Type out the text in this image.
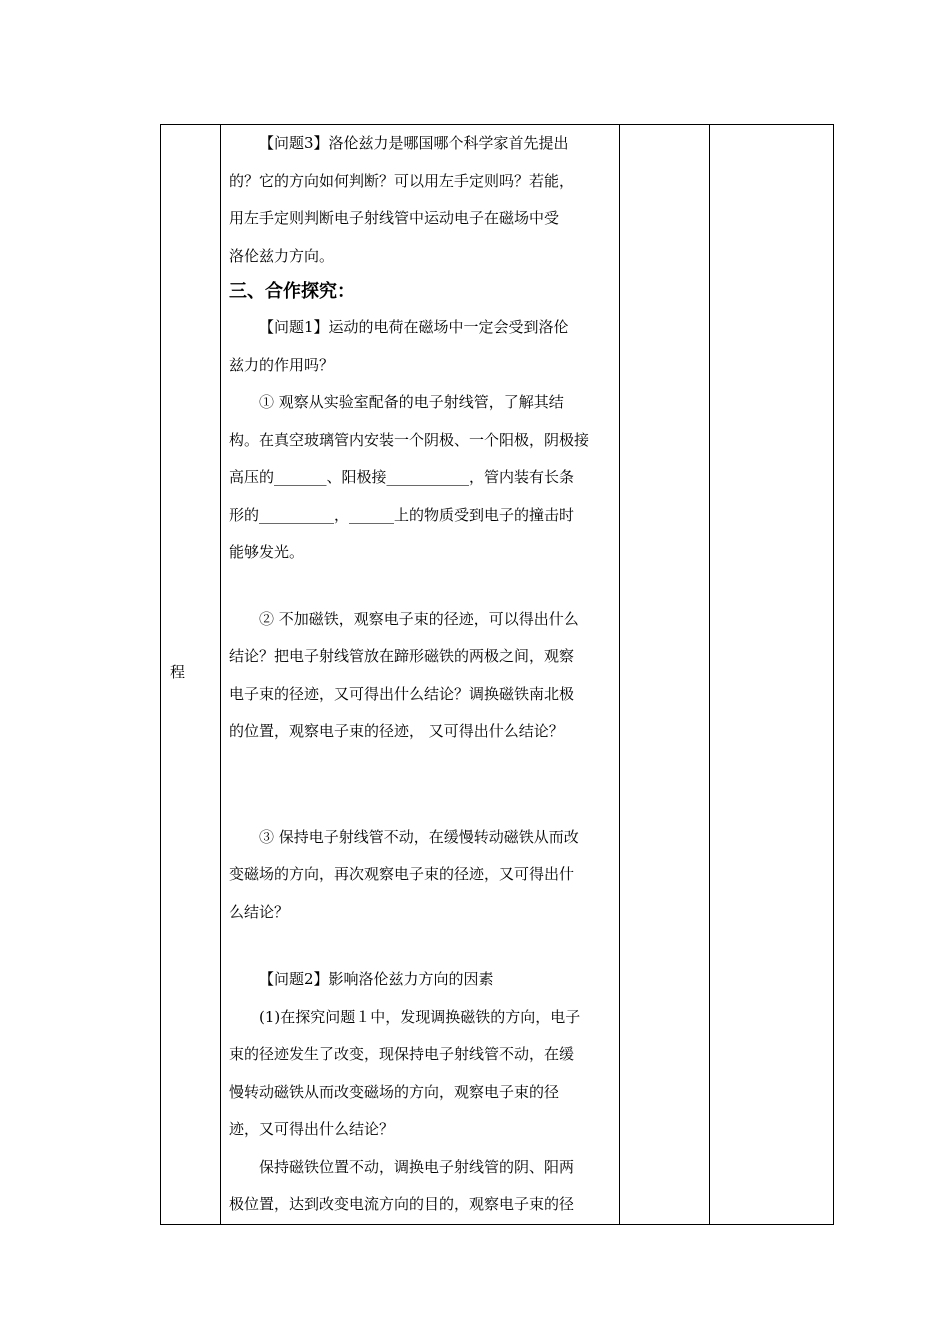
程

【问题3】洛伦兹力是哪国哪个科学家首先提出

的？它的方向如何判断？可以用左手定则吗？若能，

用左手定则判断电子射线管中运动电子在磁场中受

洛伦兹力方向。

三、合作探究：

【问题1】运动的电荷在磁场中一定会受到洛伦

兹力的作用吗？

① 观察从实验室配备的电子射线管，了解其结

构。在真空玻璃管内安装一个阴极、一个阳极，阴极接

高压的_______、阳极接___________，管内装有长条

形的__________，______上的物质受到电子的撞击时

能够发光。

② 不加磁铁，观察电子束的径迹，可以得出什么

结论？把电子射线管放在蹄形磁铁的两极之间，观察

电子束的径迹，又可得出什么结论？调换磁铁南北极

的位置，观察电子束的径迹， 又可得出什么结论？

③ 保持电子射线管不动，在缓慢转动磁铁从而改

变磁场的方向，再次观察电子束的径迹，又可得出什

么结论？

【问题2】影响洛伦兹力方向的因素

(1)在探究问题１中，发现调换磁铁的方向，电子

束的径迹发生了改变，现保持电子射线管不动，在缓

慢转动磁铁从而改变磁场的方向，观察电子束的径

迹，又可得出什么结论？

保持磁铁位置不动，调换电子射线管的阴、阳两

极位置，达到改变电流方向的目的，观察电子束的径
